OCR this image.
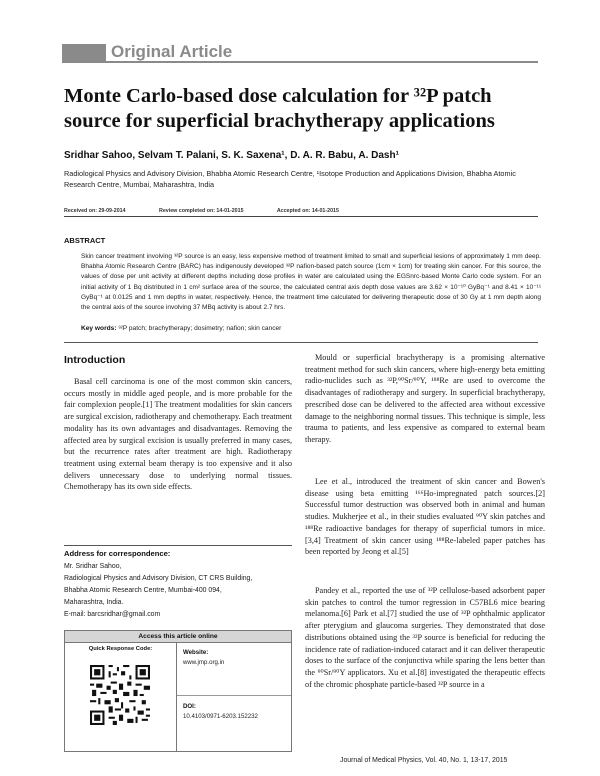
Original Article
Monte Carlo-based dose calculation for ³²P patch source for superficial brachytherapy applications
Sridhar Sahoo, Selvam T. Palani, S. K. Saxena¹, D. A. R. Babu, A. Dash¹
Radiological Physics and Advisory Division, Bhabha Atomic Research Centre, ¹Isotope Production and Applications Division, Bhabha Atomic Research Centre, Mumbai, Maharashtra, India
Received on: 29-09-2014	Review completed on: 14-01-2015	Accepted on: 14-01-2015
ABSTRACT
Skin cancer treatment involving ³²P source is an easy, less expensive method of treatment limited to small and superficial lesions of approximately 1 mm deep. Bhabha Atomic Research Centre (BARC) has indigenously developed ³²P nafion-based patch source (1cm × 1cm) for treating skin cancer. For this source, the values of dose per unit activity at different depths including dose profiles in water are calculated using the EGSnrc-based Monte Carlo code system. For an initial activity of 1 Bq distributed in 1 cm² surface area of the source, the calculated central axis depth dose values are 3.62 × 10⁻¹⁰ GyBq⁻¹ and 8.41 × 10⁻¹¹ GyBq⁻¹ at 0.0125 and 1 mm depths in water, respectively. Hence, the treatment time calculated for delivering therapeutic dose of 30 Gy at 1 mm depth along the central axis of the source involving 37 MBq activity is about 2.7 hrs.
Key words: ³²P patch; brachytherapy; dosimetry; nafion; skin cancer
Introduction
Basal cell carcinoma is one of the most common skin cancers, occurs mostly in middle aged people, and is more probable for the fair complexion people.[1] The treatment modalities for skin cancers are surgical excision, radiotherapy and chemotherapy. Each treatment modality has its own advantages and disadvantages. Removing the affected area by surgical excision is usually preferred in many cases, but the recurrence rates after treatment are high. Radiotherapy treatment using external beam therapy is too expensive and it also delivers unnecessary dose to underlying normal tissues. Chemotherapy has its own side effects.
Mould or superficial brachytherapy is a promising alternative treatment method for such skin cancers, where high-energy beta emitting radio-nuclides such as ³²P,⁹⁰Sr/⁹⁰Y, ¹⁸⁸Re are used to overcome the disadvantages of radiotherapy and surgery. In superficial brachytherapy, prescribed dose can be delivered to the affected area without excessive damage to the neighboring normal tissues. This technique is simple, less trauma to patients, and less expensive as compared to external beam therapy.
Lee et al., introduced the treatment of skin cancer and Bowen's disease using beta emitting ¹⁶⁶Ho-impregnated patch sources.[2] Successful tumor destruction was observed both in animal and human studies. Mukherjee et al., in their studies evaluated ⁹⁰Y skin patches and ¹⁸⁸Re radioactive bandages for therapy of superficial tumors in mice.[3,4] Treatment of skin cancer using ¹⁸⁸Re-labeled paper patches has been reported by Jeong et al.[5]
Pandey et al., reported the use of ³²P cellulose-based adsorbent paper skin patches to control the tumor regression in C57BL6 mice bearing melanoma.[6] Park et al.[7] studied the use of ³²P ophthalmic applicator after pterygium and glaucoma surgeries. They demonstrated that dose distributions obtained using the ³²P source is beneficial for reducing the incidence rate of radiation-induced cataract and it can deliver therapeutic doses to the surface of the conjunctiva while sparing the lens better than the ⁹⁰Sr/⁹⁰Y applicators. Xu et al.[8] investigated the therapeutic effects of the chromic phosphate particle-based ³²P source in a
Address for correspondence:
Mr. Sridhar Sahoo,
Radiological Physics and Advisory Division, CT CRS Building,
Bhabha Atomic Research Centre, Mumbai-400 094,
Maharashtra, India.
E-mail: barcsridhar@gmail.com
Access this article online
Quick Response Code:	Website:
www.jmp.org.in
DOI:
10.4103/0971-6203.152232
Journal of Medical Physics, Vol. 40, No. 1, 13-17, 2015
